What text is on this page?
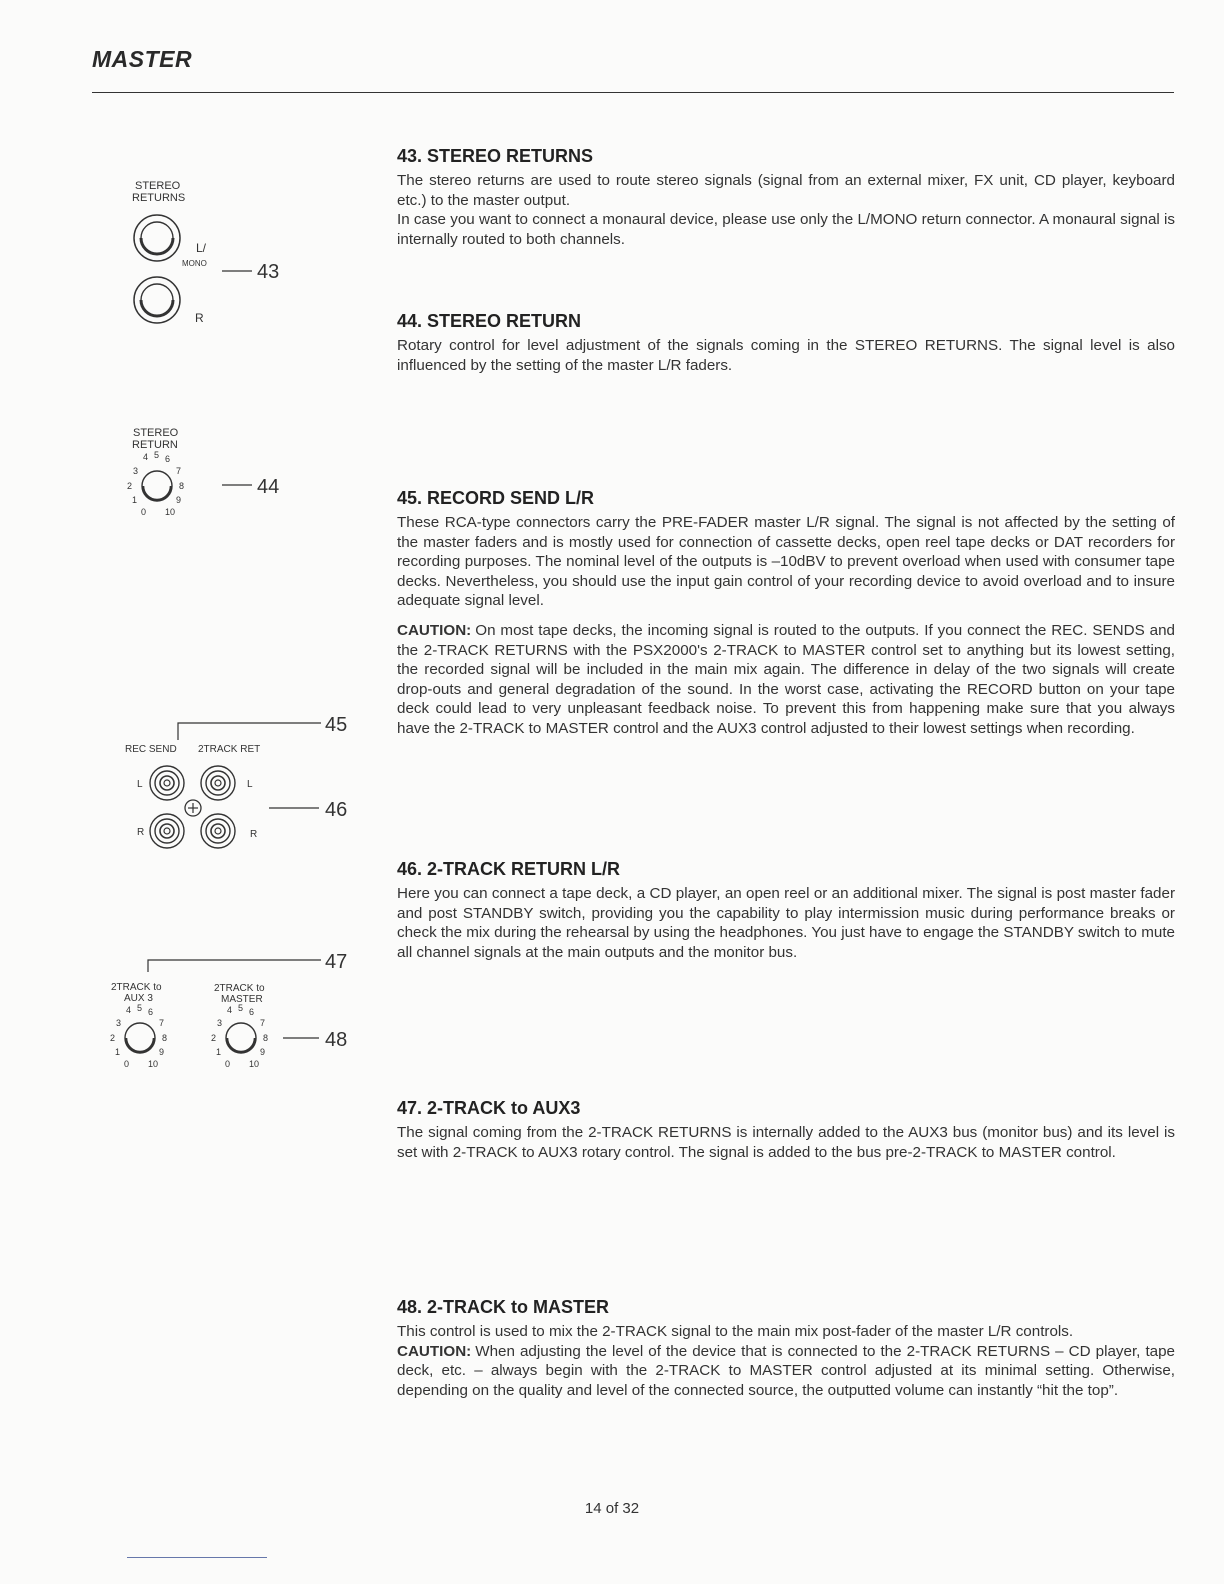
MASTER
STEREO
RETURNS
L/
MONO
R
43
STEREO
RETURN
4 5 6
3	7
2	8
1	9
0 10
44
45
REC SEND 2TRACK RET
L	L
R	R
46
47
2TRACK to
AUX 3
2TRACK to
MASTER
4 5 6
3	7
2	8
1	9
0 10
4 5 6
3	7
2	8
1	9
0 10
48
43. STEREO RETURNS

The stereo returns are used to route stereo signals (signal from an external mixer, FX unit, CD player, keyboard etc.) to the master output.

In case you want to connect a monaural device, please use only the L/MONO return connector. A monaural signal is internally routed to both channels.

44. STEREO RETURN

Rotary control for level adjustment of the signals coming in the STEREO RETURNS. The signal level is also influenced by the setting of the master L/R faders.

45. RECORD SEND L/R

These RCA-type connectors carry the PRE-FADER master L/R signal. The signal is not affected by the setting of the master faders and is mostly used for connection of cassette decks, open reel tape decks or DAT recorders for recording purposes. The nominal level of the outputs is –10dBV to prevent overload when used with consumer tape decks. Nevertheless, you should use the input gain control of your recording device to avoid overload and to insure adequate signal level.

CAUTION: On most tape decks, the incoming signal is routed to the outputs. If you connect the REC. SENDS and the 2-TRACK RETURNS with the PSX2000's 2-TRACK to MASTER control set to anything but its lowest setting, the recorded signal will be included in the main mix again. The difference in delay of the two signals will create drop-outs and general degradation of the sound. In the worst case, activating the RECORD button on your tape deck could lead to very unpleasant feedback noise. To prevent this from happening make sure that you always have the 2-TRACK to MASTER control and the AUX3 control adjusted to their lowest settings when recording.

46. 2-TRACK RETURN L/R

Here you can connect a tape deck, a CD player, an open reel or an additional mixer. The signal is post master fader and post STANDBY switch, providing you the capability to play intermission music during performance breaks or check the mix during the rehearsal by using the headphones. You just have to engage the STANDBY switch to mute all channel signals at the main outputs and the monitor bus.

47. 2-TRACK to AUX3

The signal coming from the 2-TRACK RETURNS is internally added to the AUX3 bus (monitor bus) and its level is set with 2-TRACK to AUX3 rotary control. The signal is added to the bus pre-2-TRACK to MASTER control.

48. 2-TRACK to MASTER

This control is used to mix the 2-TRACK signal to the main mix post-fader of the master L/R controls.

CAUTION: When adjusting the level of the device that is connected to the 2-TRACK RETURNS – CD player, tape deck, etc. – always begin with the 2-TRACK to MASTER control adjusted at its minimal setting. Otherwise, depending on the quality and level of the connected source, the outputted volume can instantly “hit the top”.

14 of 32
